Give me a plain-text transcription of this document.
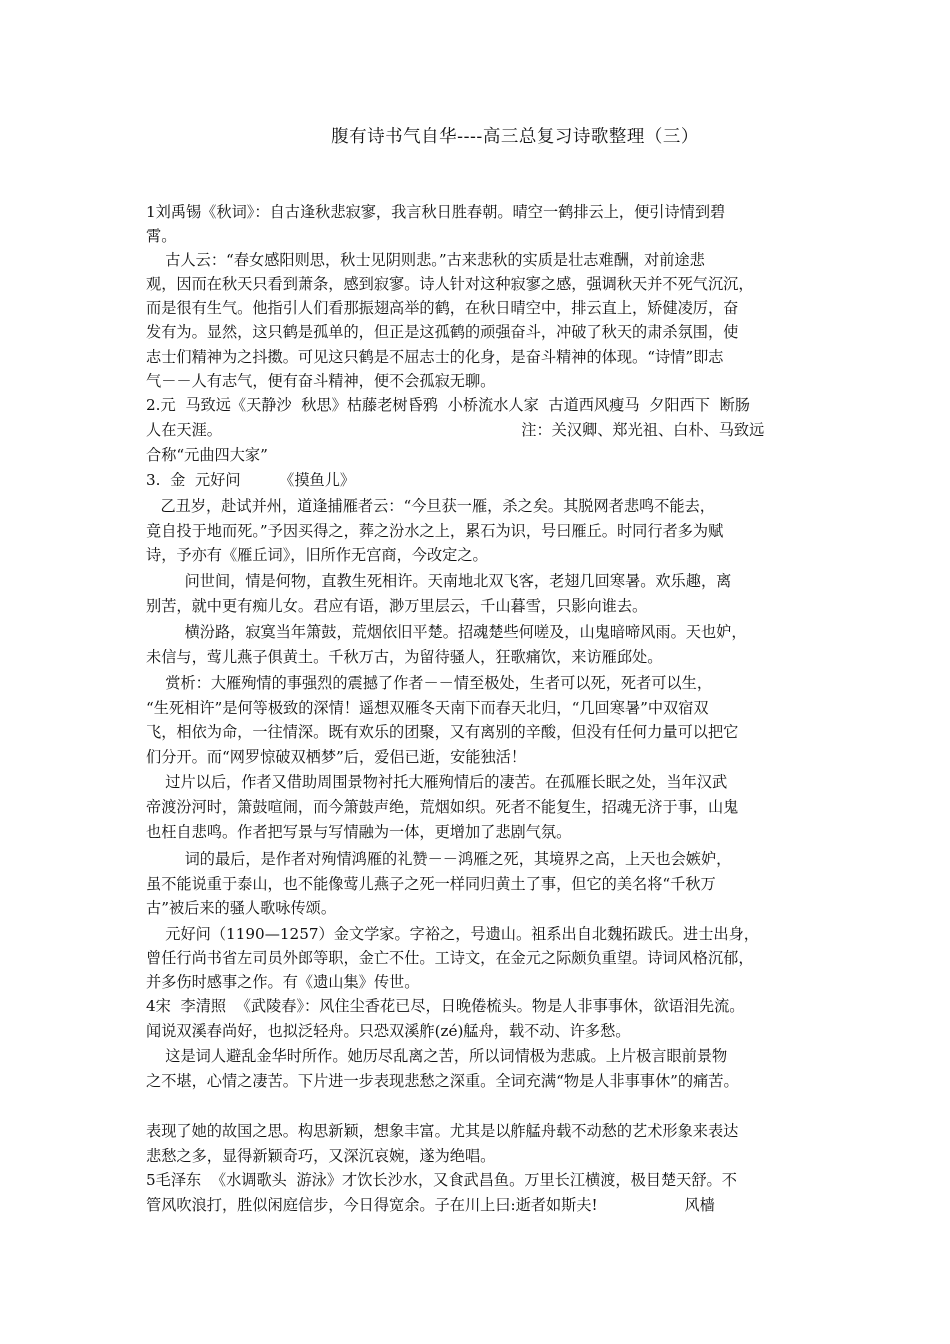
腹有诗书气自华----高三总复习诗歌整理（三）
1刘禹锡《秋词》：自古逢秋悲寂寥，我言秋日胜春朝。晴空一鹤排云上，便引诗情到碧
霄。
古人云：“春女感阳则思，秋士见阴则悲。”古来悲秋的实质是壮志难酬，对前途悲
观，因而在秋天只看到萧条，感到寂寥。诗人针对这种寂寥之感，强调秋天并不死气沉沉，
而是很有生气。他指引人们看那振翅高举的鹤，在秋日晴空中，排云直上，矫健凌厉，奋
发有为。显然，这只鹤是孤单的，但正是这孤鹤的顽强奋斗，冲破了秋天的肃杀氛围，使
志士们精神为之抖擞。可见这只鹤是不屈志士的化身，是奋斗精神的体现。“诗情”即志
气－－人有志气，便有奋斗精神，便不会孤寂无聊。
2.元  马致远《天静沙  秋思》枯藤老树昏鸦  小桥流水人家  古道西风瘦马  夕阳西下  断肠
人在天涯。                                                              注：关汉卿、郑光祖、白朴、马致远
合称“元曲四大家”
3.  金  元好问        《摸鱼儿》
乙丑岁，赴试并州，道逢捕雁者云：“今旦获一雁，杀之矣。其脱网者悲鸣不能去，
竟自投于地而死。”予因买得之，葬之汾水之上，累石为识，号曰雁丘。时同行者多为赋
诗，予亦有《雁丘词》，旧所作无宫商，今改定之。
问世间，情是何物，直教生死相许。天南地北双飞客，老翅几回寒暑。欢乐趣，离
别苦，就中更有痴儿女。君应有语，渺万里层云，千山暮雪，只影向谁去。
横汾路，寂寞当年箫鼓，荒烟依旧平楚。招魂楚些何嗟及，山鬼暗啼风雨。天也妒，
未信与，莺儿燕子俱黄土。千秋万古，为留待骚人，狂歌痛饮，来访雁邱处。
赏析：大雁殉情的事强烈的震撼了作者－－情至极处，生者可以死，死者可以生，
“生死相许”是何等极致的深情！遥想双雁冬天南下而春天北归，“几回寒暑”中双宿双
飞，相依为命，一往情深。既有欢乐的团聚，又有离别的辛酸，但没有任何力量可以把它
们分开。而“网罗惊破双栖梦”后，爱侣已逝，安能独活！
过片以后，作者又借助周围景物衬托大雁殉情后的凄苦。在孤雁长眠之处，当年汉武
帝渡汾河时，箫鼓喧闹，而今箫鼓声绝，荒烟如织。死者不能复生，招魂无济于事，山鬼
也枉自悲鸣。作者把写景与写情融为一体，更增加了悲剧气氛。
词的最后，是作者对殉情鸿雁的礼赞－－鸿雁之死，其境界之高，上天也会嫉妒，
虽不能说重于泰山，也不能像莺儿燕子之死一样同归黄土了事，但它的美名将“千秋万
古”被后来的骚人歌咏传颂。
元好问（1190—1257）金文学家。字裕之，号遗山。祖系出自北魏拓跋氏。进士出身，
曾任行尚书省左司员外郎等职，金亡不仕。工诗文，在金元之际颇负重望。诗词风格沉郁，
并多伤时感事之作。有《遗山集》传世。
4宋  李清照  《武陵春》：风住尘香花已尽，日晚倦梳头。物是人非事事休，欲语泪先流。
闻说双溪春尚好，也拟泛轻舟。只恐双溪舴(zé)艋舟，载不动、许多愁。
这是词人避乱金华时所作。她历尽乱离之苦，所以词情极为悲戚。上片极言眼前景物
之不堪，心情之凄苦。下片进一步表现悲愁之深重。全词充满“物是人非事事休”的痛苦。
表现了她的故国之思。构思新颖，想象丰富。尤其是以舴艋舟载不动愁的艺术形象来表达
悲愁之多，显得新颖奇巧，又深沉哀婉，遂为绝唱。
5毛泽东  《水调歌头  游泳》才饮长沙水，又食武昌鱼。万里长江横渡，极目楚天舒。不
管风吹浪打，胜似闲庭信步，今日得宽余。子在川上曰:逝者如斯夫!                  风樯
